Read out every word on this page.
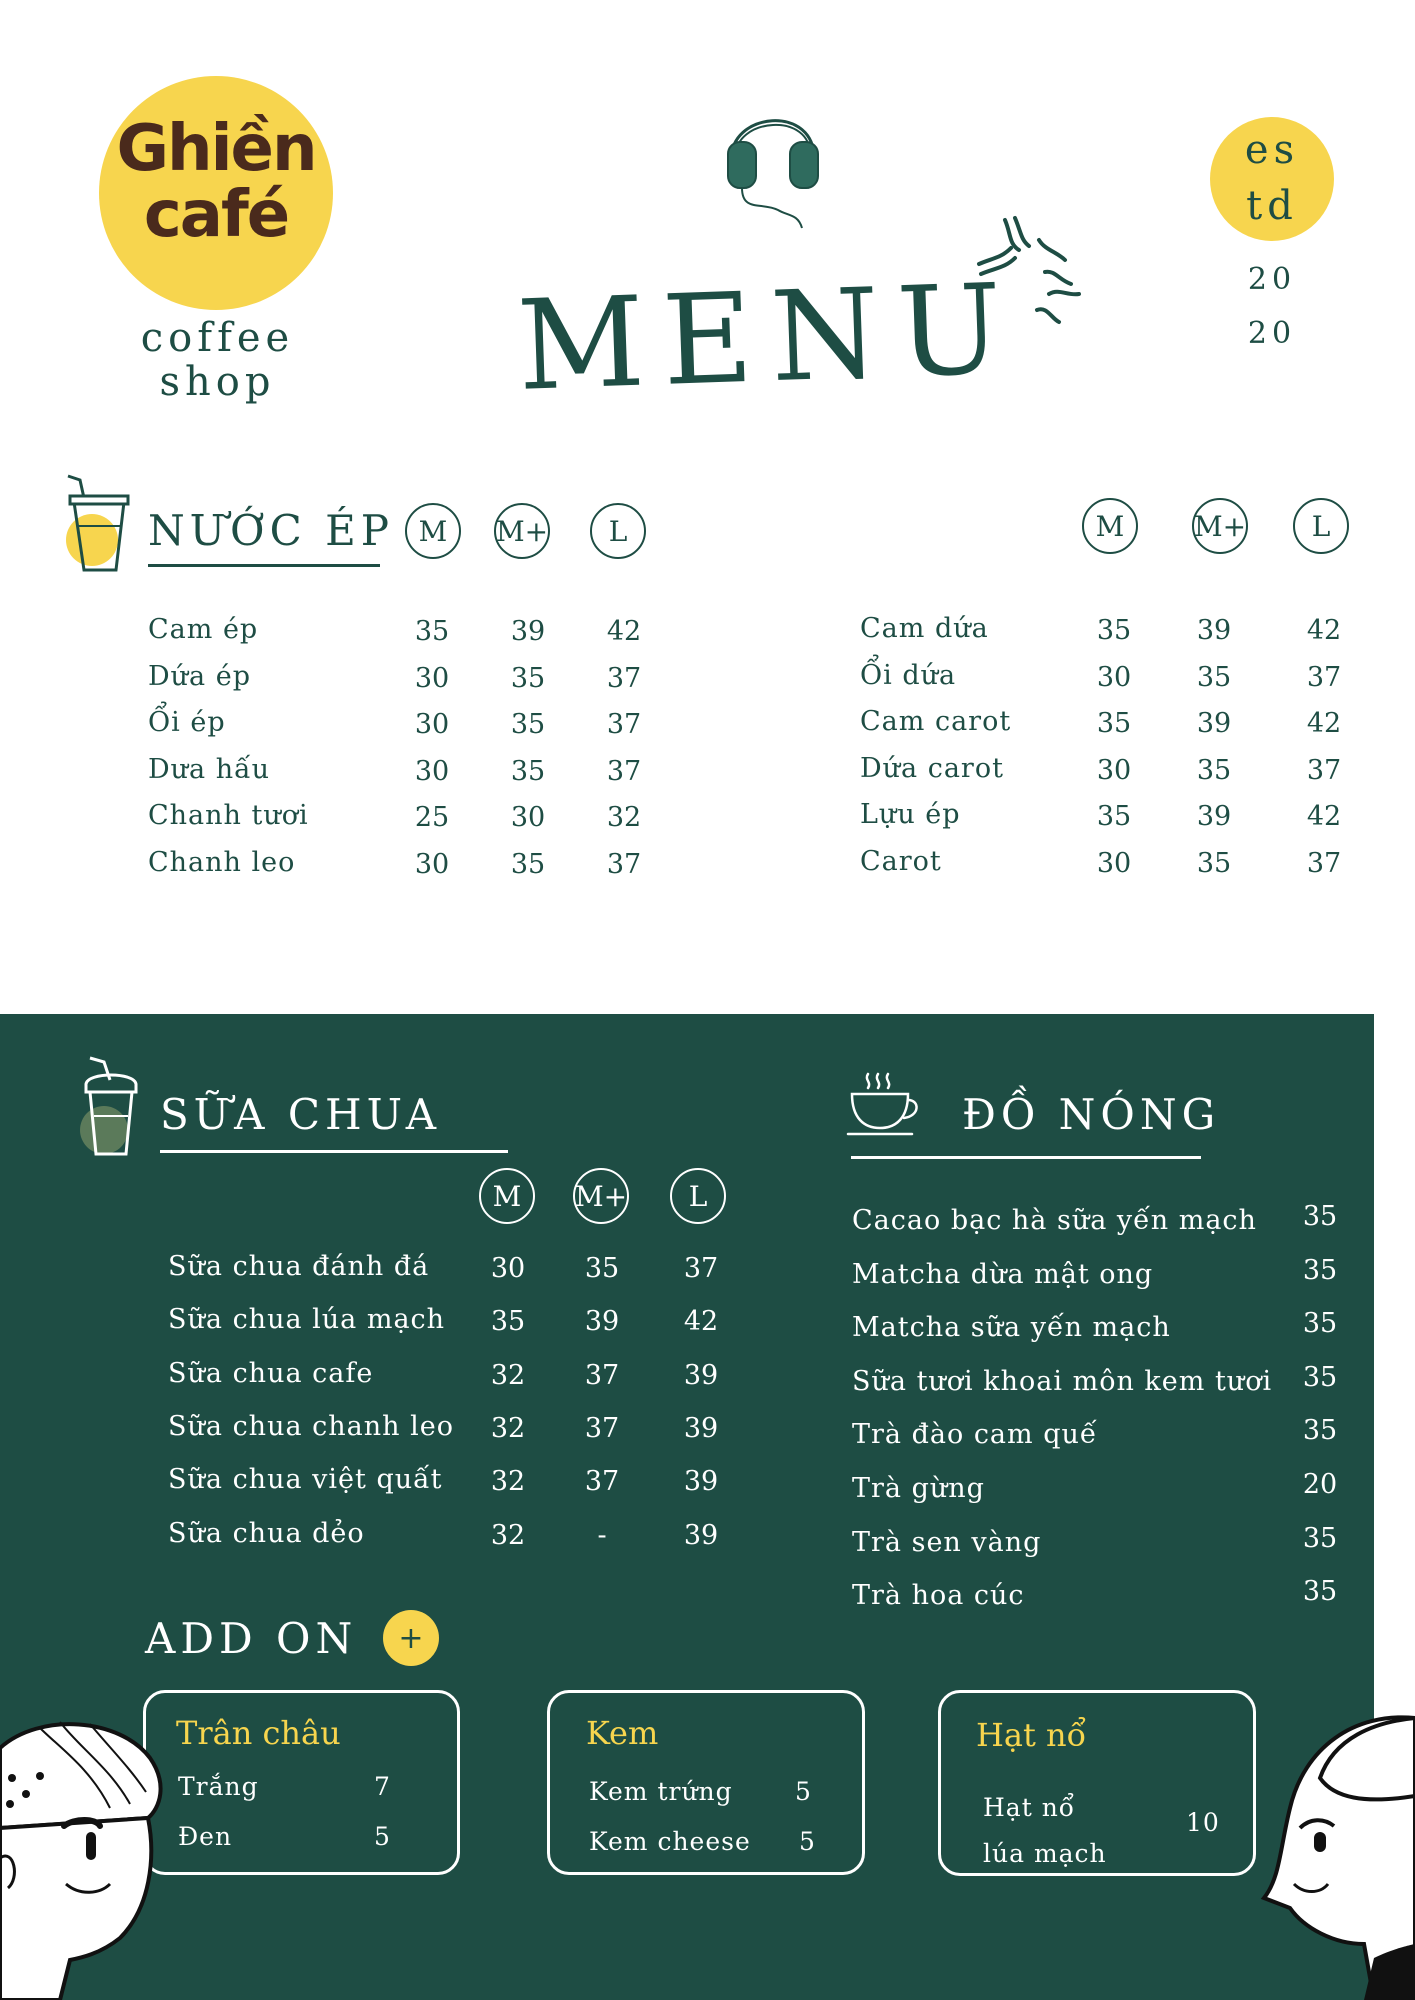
Ghiền
café
coffee
shop	MENU
es
td
20
20
NƯỚC ÉP M	M+	L	M	M+	L
Cam ép	35	39	42
Dứa ép	30	35	37
Ổi ép	30	35	37
Dưa hấu	30	35	37
Chanh tươi	25	30	32
Chanh leo	30	35	37
Cam dứa	35	39	42
Ổi dứa	30	35	37
Cam carot	35	39	42
Dứa carot	30	35	37
Lựu ép	35	39	42
Carot	30	35	37
SỮA CHUA
M	M+	L
Sữa chua đánh đá	30	35	37
Sữa chua lúa mạch	35	39	42
Sữa chua cafe	32	37	39
Sữa chua chanh leo	32	37	39
Sữa chua việt quất	32	37	39
Sữa chua dẻo	32	-	39
ĐỒ NÓNG
Cacao bạc hà sữa yến mạch	35
Matcha dừa mật ong	35
Matcha sữa yến mạch	35
Sữa tươi khoai môn kem tươi	35
Trà đào cam quế	35
Trà gừng	20
Trà sen vàng	35
Trà hoa cúc	35
ADD ON	+
Trân châu
Trắng	7
Đen	5
Kem
Kem trứng 5
Kem cheese 5
Hạt nổ
Hạt nổ
lúa mạch
10
